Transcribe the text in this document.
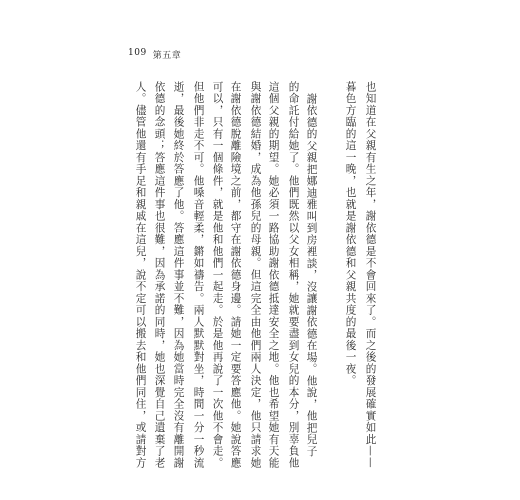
109 第五章
也知道在父親有生之年，謝依德是不會回來了。而之後的發展確實如此——
暮色方臨的這一晚，也就是謝依德和父親共度的最後一夜。
謝依德的父親把娜迪雅叫到房裡談，沒讓謝依德在場。他說，他把兒子
的命託付給她了。他們既然以父女相稱，她就要盡到女兒的本分，別辜負他
這個父親的期望。她必須一路協助謝依德抵達安全之地。他也希望她有天能
與謝依德結婚，成為他孫兒的母親。但這完全由他們兩人決定，他只請求她
在謝依德脫離險境之前，都守在謝依德身邊。請她一定要答應他。她說答應
可以，只有一個條件，就是他和他們一起走。於是他再說了一次他不會走。
但他們非走不可。他嗓音輕柔，鏘如禱告。兩人默默對坐，時間一分一秒流
逝，最後她終於答應了他。答應這件事並不難，因為她當時完全沒有離開謝
依德的念頭；答應這件事也很難，因為承諾的同時，她也深覺自己遺棄了老
人。儘管他還有手足和親戚在這兒，說不定可以搬去和他們同住，或請對方
